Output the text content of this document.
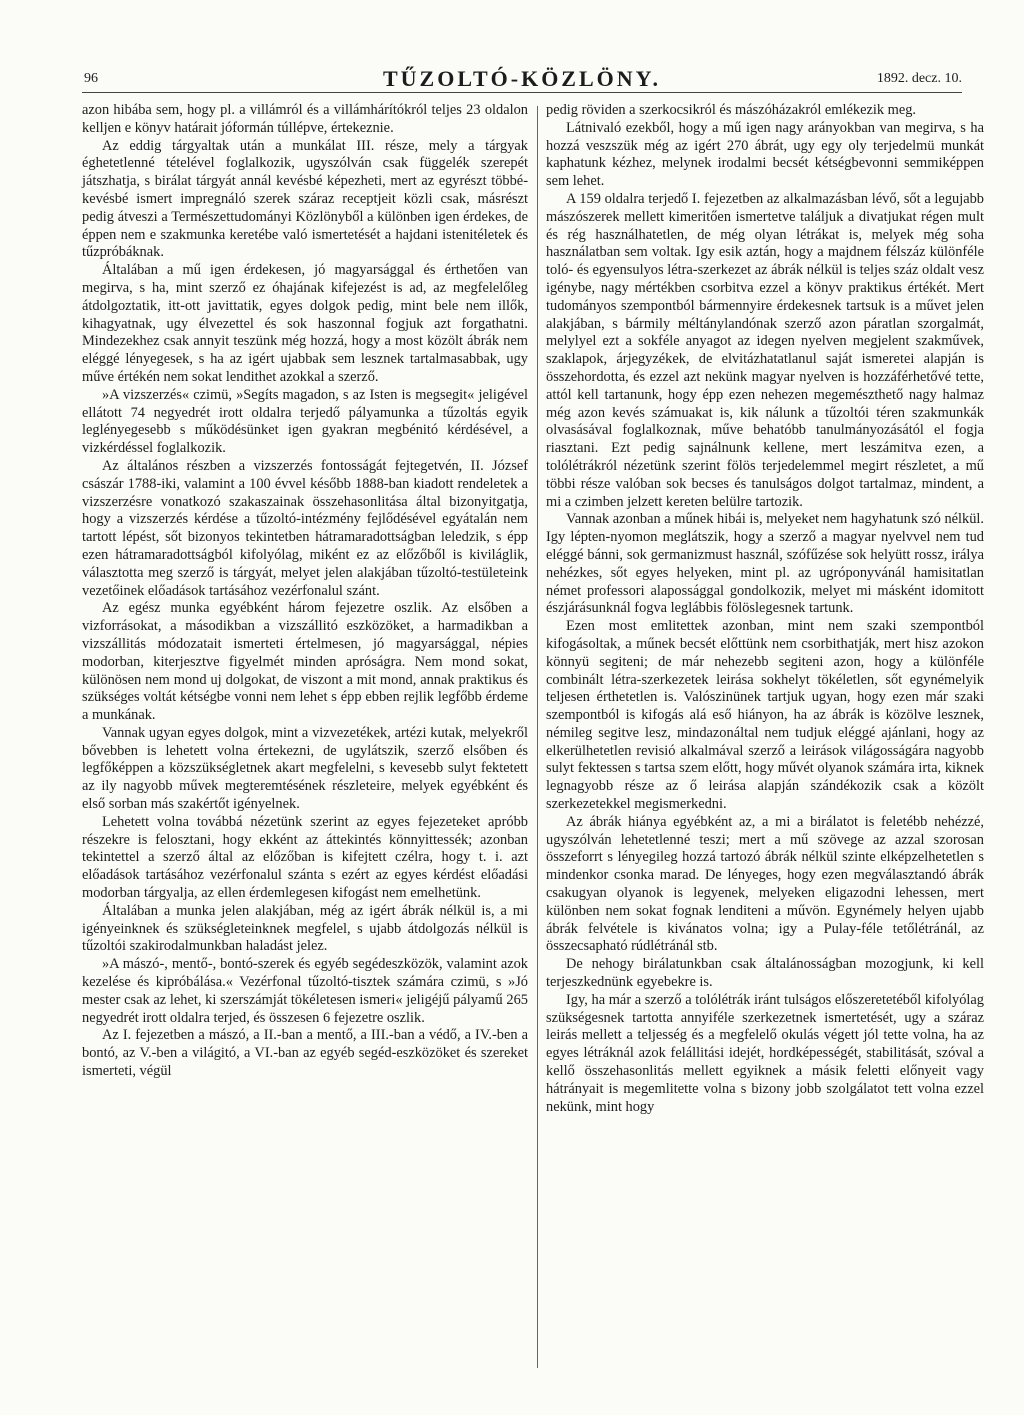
96	TŰZOLTÓ-KÖZLÖNY.	1892. decz. 10.

azon hibába sem, hogy pl. a villámról és a villámhárítókról teljes 23 oldalon kelljen e könyv határait jóformán túllépve, értekeznie.

Az eddig tárgyaltak után a munkálat III. része, mely a tárgyak éghetetlenné tételével foglalkozik, ugyszólván csak függelék szerepét játszhatja, s birálat tárgyát annál kevésbé képezheti, mert az egyrészt többé-kevésbé ismert impregnáló szerek száraz receptjeit közli csak, másrészt pedig átveszi a Természettudományi Közlönyből a különben igen érdekes, de éppen nem e szakmunka keretébe való ismertetését a hajdani istenitéletek és tűzpróbáknak.

Általában a mű igen érdekesen, jó magyarsággal és érthetően van megirva, s ha, mint szerző ez óhajának kifejezést is ad, az megfelelőleg átdolgoztatik, itt-ott javittatik, egyes dolgok pedig, mint bele nem illők, kihagyatnak, ugy élvezettel és sok haszonnal fogjuk azt forgathatni. Mindezekhez csak annyit teszünk még hozzá, hogy a most közölt ábrák nem eléggé lényegesek, s ha az igért ujabbak sem lesznek tartalmasabbak, ugy műve értékén nem sokat lendithet azokkal a szerző.

»A vizszerzés« czimü, »Segíts magadon, s az Isten is megsegit« jeligével ellátott 74 negyedrét irott oldalra terjedő pályamunka a tűzoltás egyik leglényegesebb s működésünket igen gyakran megbénitó kérdésével, a vizkérdéssel foglalkozik.

Az általános részben a vizszerzés fontosságát fejtegetvén, II. József császár 1788-iki, valamint a 100 évvel később 1888-ban kiadott rendeletek a vizszerzésre vonatkozó szakaszainak összehasonlitása által bizonyitgatja, hogy a vizszerzés kérdése a tűzoltó-intézmény fejlődésével egyátalán nem tartott lépést, sőt bizonyos tekintetben hátramaradottságban leledzik, s épp ezen hátramaradottságból kifolyólag, miként ez az előzőből is kiviláglik, választotta meg szerző is tárgyát, melyet jelen alakjában tűzoltó-testületeink vezetőinek előadások tartásához vezérfonalul szánt.

Az egész munka egyébként három fejezetre oszlik. Az elsőben a vizforrásokat, a másodikban a vizszállitó eszközöket, a harmadikban a vizszállitás módozatait ismerteti értelmesen, jó magyarsággal, népies modorban, kiterjesztve figyelmét minden apróságra. Nem mond sokat, különösen nem mond uj dolgokat, de viszont a mit mond, annak praktikus és szükséges voltát kétségbe vonni nem lehet s épp ebben rejlik legfőbb érdeme a munkának.

Vannak ugyan egyes dolgok, mint a vizvezetékek, artézi kutak, melyekről bővebben is lehetett volna értekezni, de ugylátszik, szerző elsőben és legfőképpen a közszükségletnek akart megfelelni, s kevesebb sulyt fektetett az ily nagyobb művek megteremtésének részleteire, melyek egyébként és első sorban más szakértőt igényelnek.

Lehetett volna továbbá nézetünk szerint az egyes fejezeteket apróbb részekre is felosztani, hogy ekként az áttekintés könnyittessék; azonban tekintettel a szerző által az előzőban is kifejtett czélra, hogy t. i. azt előadások tartásához vezérfonalul szánta s ezért az egyes kérdést előadási modorban tárgyalja, az ellen érdemlegesen kifogást nem emelhetünk.

Általában a munka jelen alakjában, még az igért ábrák nélkül is, a mi igényeinknek és szükségleteinknek megfelel, s ujabb átdolgozás nélkül is tűzoltói szakirodalmunkban haladást jelez.

»A mászó-, mentő-, bontó-szerek és egyéb segédeszközök, valamint azok kezelése és kipróbálása.« Vezérfonal tűzoltó-tisztek számára czimü, s »Jó mester csak az lehet, ki szerszámját tökéletesen ismeri« jeligéjű pályamű 265 negyedrét irott oldalra terjed, és összesen 6 fejezetre oszlik.

Az I. fejezetben a mászó, a II.-ban a mentő, a III.-ban a védő, a IV.-ben a bontó, az V.-ben a világitó, a VI.-ban az egyéb segéd-eszközöket és szereket ismerteti, végül

pedig röviden a szerkocsikról és mászóházakról emlékezik meg.

Látnivaló ezekből, hogy a mű igen nagy arányokban van megirva, s ha hozzá veszszük még az igért 270 ábrát, ugy egy oly terjedelmü munkát kaphatunk kézhez, melynek irodalmi becsét kétségbevonni semmiképpen sem lehet.

A 159 oldalra terjedő I. fejezetben az alkalmazásban lévő, sőt a legujabb mászószerek mellett kimeritően ismertetve találjuk a divatjukat régen mult és rég használhatetlen, de még olyan létrákat is, melyek még soha használatban sem voltak. Igy esik aztán, hogy a majdnem félszáz különféle toló- és egyensulyos létra-szerkezet az ábrák nélkül is teljes száz oldalt vesz igénybe, nagy mértékben csorbitva ezzel a könyv praktikus értékét. Mert tudományos szempontból bármennyire érdekesnek tartsuk is a művet jelen alakjában, s bármily méltánylandónak szerző azon páratlan szorgalmát, melylyel ezt a sokféle anyagot az idegen nyelven megjelent szakművek, szaklapok, árjegyzékek, de elvitázhatatlanul saját ismeretei alapján is összehordotta, és ezzel azt nekünk magyar nyelven is hozzáférhetővé tette, attól kell tartanunk, hogy épp ezen nehezen megemészthető nagy halmaz még azon kevés számuakat is, kik nálunk a tűzoltói téren szakmunkák olvasásával foglalkoznak, műve behatóbb tanulmányozásától el fogja riasztani. Ezt pedig sajnálnunk kellene, mert leszámitva ezen, a tolólétrákról nézetünk szerint fölös terjedelemmel megirt részletet, a mű többi része valóban sok becses és tanulságos dolgot tartalmaz, mindent, a mi a czimben jelzett kereten belülre tartozik.

Vannak azonban a műnek hibái is, melyeket nem hagyhatunk szó nélkül. Igy lépten-nyomon meglátszik, hogy a szerző a magyar nyelvvel nem tud eléggé bánni, sok germanizmust használ, szófűzése sok helyütt rossz, irálya nehézkes, sőt egyes helyeken, mint pl. az ugróponyvánál hamisitatlan német professori alapossággal gondolkozik, melyet mi másként idomitott észjárásunknál fogva leglábbis fölöslegesnek tartunk.

Ezen most emlitettek azonban, mint nem szaki szempontból kifogásoltak, a műnek becsét előttünk nem csorbithatják, mert hisz azokon könnyü segiteni; de már nehezebb segiteni azon, hogy a különféle combinált létra-szerkezetek leirása sokhelyt tökéletlen, sőt egynémelyik teljesen érthetetlen is. Valószinünek tartjuk ugyan, hogy ezen már szaki szempontból is kifogás alá eső hiányon, ha az ábrák is közölve lesznek, némileg segitve lesz, mindazonáltal nem tudjuk eléggé ajánlani, hogy az elkerülhetetlen revisió alkalmával szerző a leirások világosságára nagyobb sulyt fektessen s tartsa szem előtt, hogy művét olyanok számára irta, kiknek legnagyobb része az ő leirása alapján szándékozik csak a közölt szerkezetekkel megismerkedni.

Az ábrák hiánya egyébként az, a mi a birálatot is feletébb nehézzé, ugyszólván lehetetlenné teszi; mert a mű szövege az azzal szorosan összeforrt s lényegileg hozzá tartozó ábrák nélkül szinte elképzelhetetlen s mindenkor csonka marad. De lényeges, hogy ezen megválasztandó ábrák csakugyan olyanok is legyenek, melyeken eligazodni lehessen, mert különben nem sokat fognak lenditeni a művön. Egynémely helyen ujabb ábrák felvétele is kivánatos volna; igy a Pulay-féle tetőlétránál, az összecsapható rúdlétránál stb.

De nehogy birálatunkban csak általánosságban mozogjunk, ki kell terjeszkednünk egyebekre is.

Igy, ha már a szerző a tolólétrák iránt tulságos előszeretetéből kifolyólag szükségesnek tartotta annyiféle szerkezetnek ismertetését, ugy a száraz leirás mellett a teljesség és a megfelelő okulás végett jól tette volna, ha az egyes létráknál azok felállitási idejét, hordképességét, stabilitását, szóval a kellő összehasonlitás mellett egyiknek a másik feletti előnyeit vagy hátrányait is megemlitette volna s bizony jobb szolgálatot tett volna ezzel nekünk, mint hogy
